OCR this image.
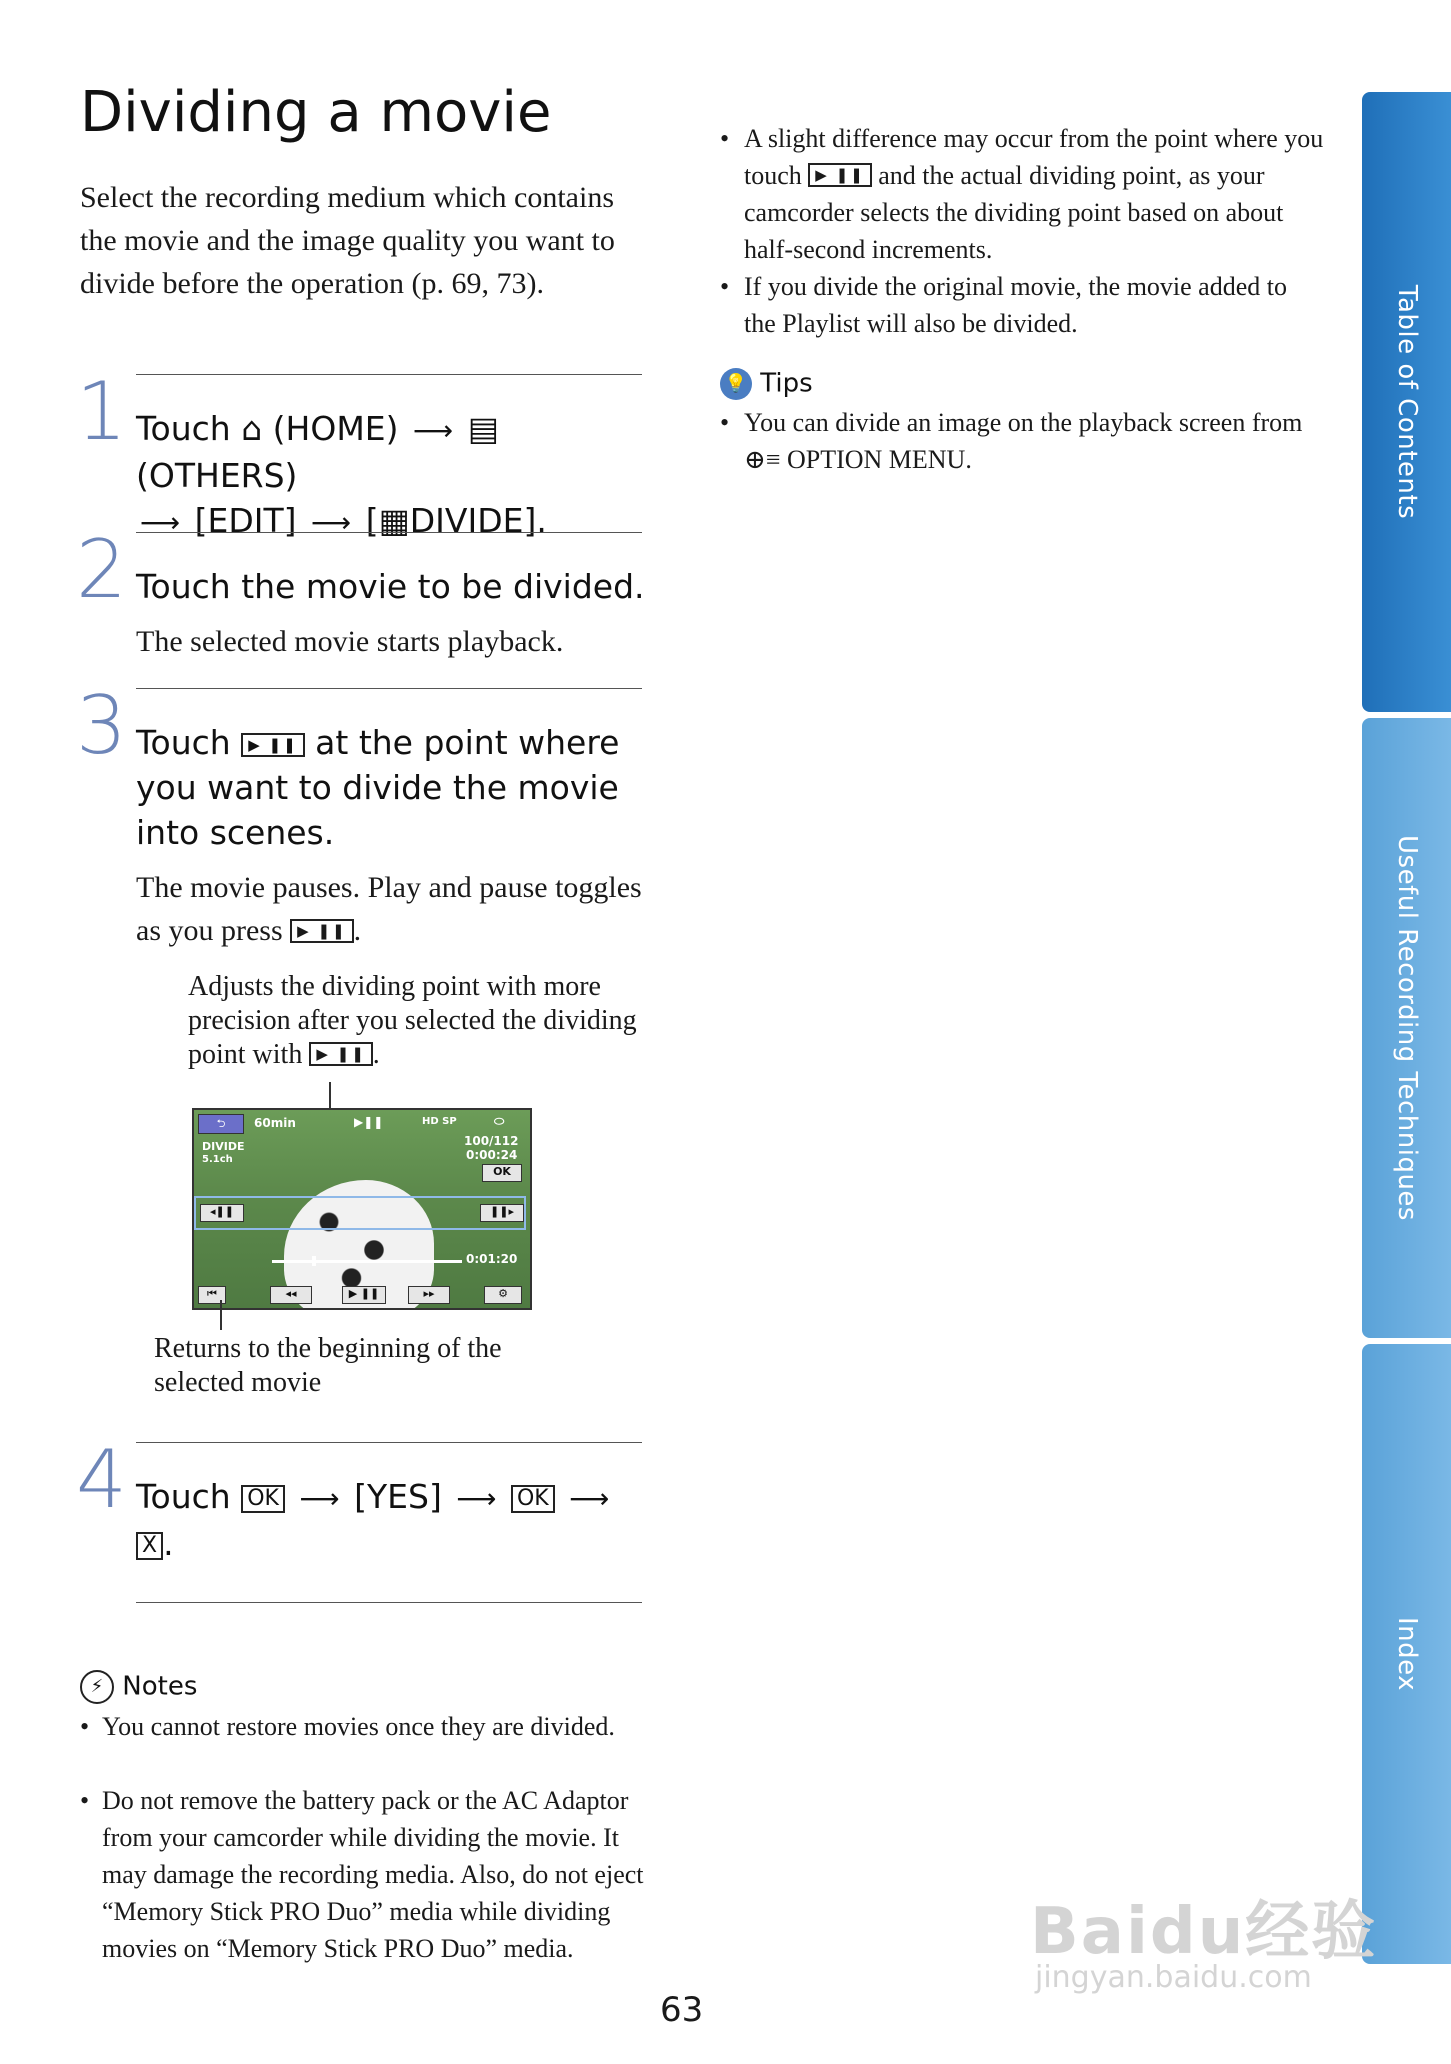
Dividing a movie
Select the recording medium which contains the movie and the image quality you want to divide before the operation (p. 69, 73).
1 Touch ⌂ (HOME) ⟶ ▤ (OTHERS)
⟶ [EDIT] ⟶ [▦DIVIDE].
2 Touch the movie to be divided.
The selected movie starts playback.
3 Touch ▶ ❚❚ at the point where you want to divide the movie into scenes.
The movie pauses. Play and pause toggles as you press ▶ ❚❚ .
Adjusts the dividing point with more precision after you selected the dividing point with ▶ ❚❚ .
⮌	60min	▶❚❚	HD SP	⬭
DIVIDE
5.1ch
100/112
0:00:24
OK
◂❚❚	❚❚▸
0:01:20
⏮	◂◂	▶ ❚❚	▸▸	⚙
Returns to the beginning of the selected movie
4 Touch OK ⟶ [YES] ⟶ OK ⟶
X .
⚡ Notes
• You cannot restore movies once they are divided.
• Do not remove the battery pack or the AC Adaptor from your camcorder while dividing the movie. It may damage the recording media. Also, do not eject “Memory Stick PRO Duo” media while dividing movies on “Memory Stick PRO Duo” media.
• A slight difference may occur from the point where you touch ▶ ❚❚ and the actual dividing point, as your camcorder selects the dividing point based on about half-second increments.
• If you divide the original movie, the movie added to the Playlist will also be divided.
💡 Tips
• You can divide an image on the playback screen from ⊕≡ OPTION MENU.	Table of Contents
Useful Recording Techniques
Index
63
Baidu经验
jingyan.baidu.com
